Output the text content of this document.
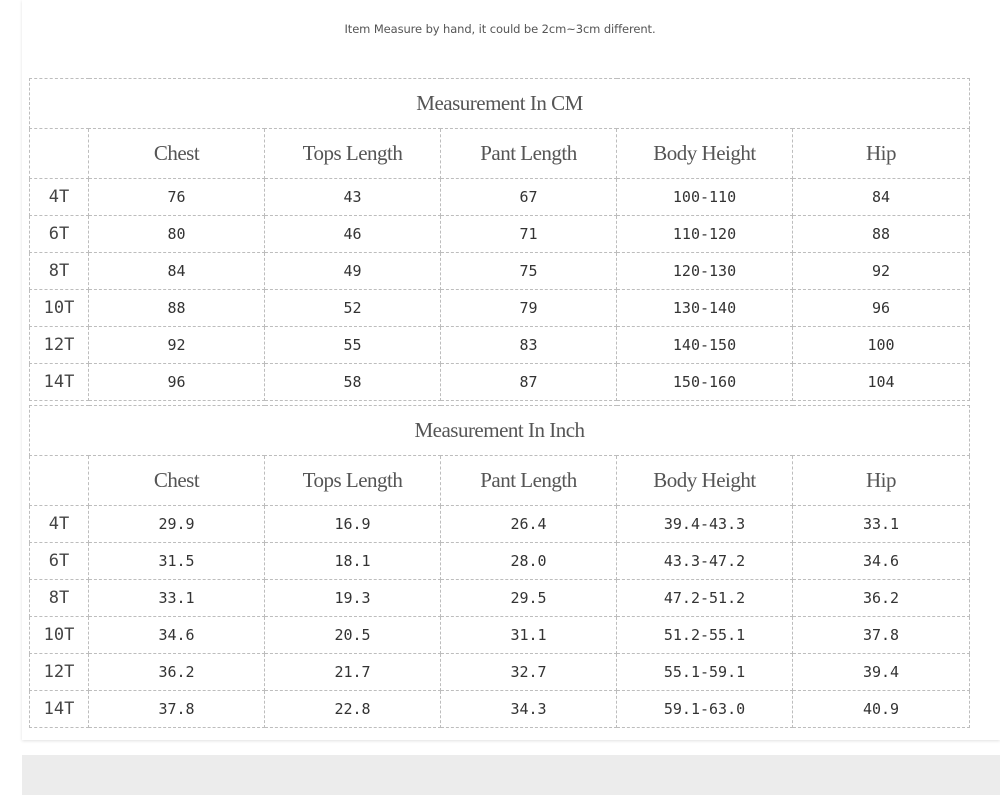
Item Measure by hand, it could be 2cm~3cm different.
Measurement In CM					
	Chest	Tops Length	Pant Length	Body Height	Hip
4T	76	43	67	100-110	84
6T	80	46	71	110-120	88
8T	84	49	75	120-130	92
10T	88	52	79	130-140	96
12T	92	55	83	140-150	100
14T	96	58	87	150-160	104
Measurement In Inch					
	Chest	Tops Length	Pant Length	Body Height	Hip
4T	29.9	16.9	26.4	39.4-43.3	33.1
6T	31.5	18.1	28.0	43.3-47.2	34.6
8T	33.1	19.3	29.5	47.2-51.2	36.2
10T	34.6	20.5	31.1	51.2-55.1	37.8
12T	36.2	21.7	32.7	55.1-59.1	39.4
14T	37.8	22.8	34.3	59.1-63.0	40.9
